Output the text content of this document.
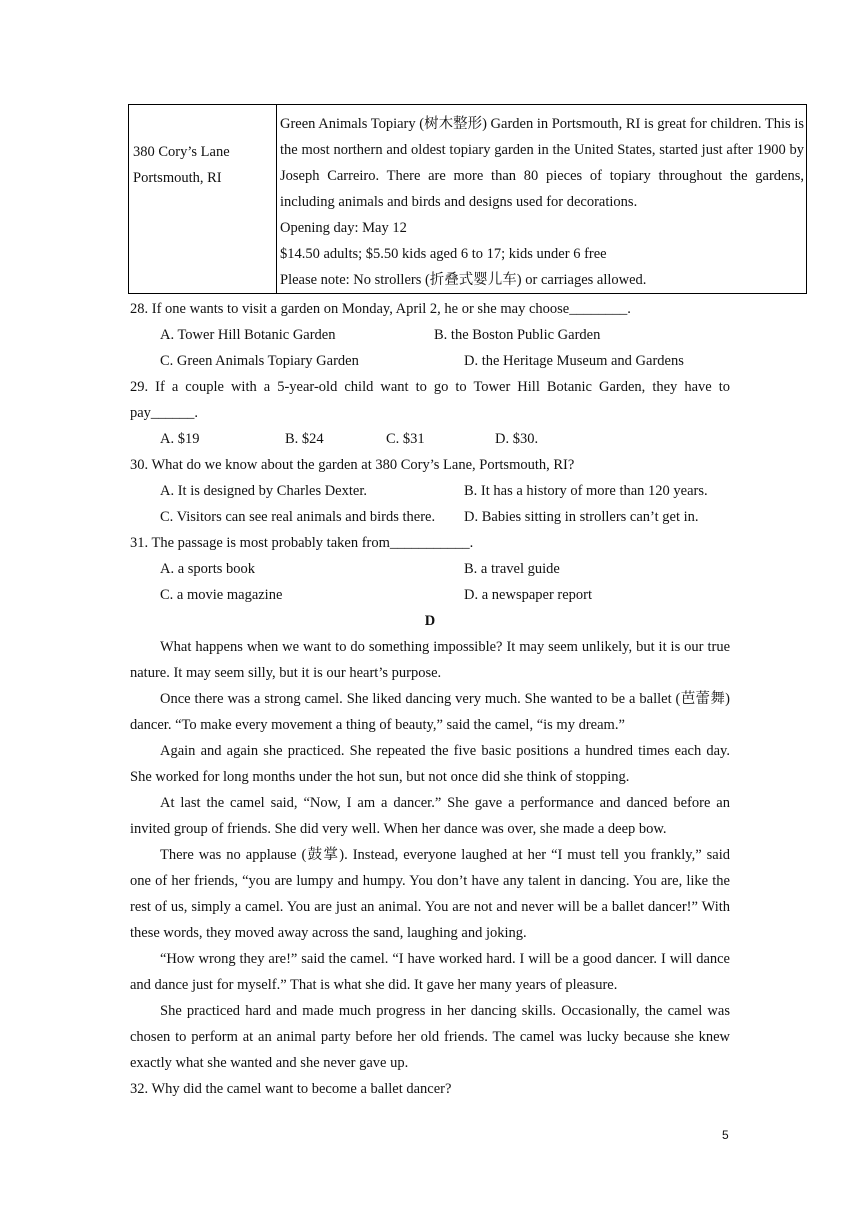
380 Cory’s Lane
Portsmouth, RI

Green Animals Topiary (树木整形) Garden in Portsmouth, RI is great for children. This is the most northern and oldest topiary garden in the United States, started just after 1900 by Joseph Carreiro. There are more than 80 pieces of topiary throughout the gardens, including animals and birds and designs used for decorations.
Opening day: May 12
$14.50 adults; $5.50 kids aged 6 to 17; kids under 6 free
Please note: No strollers (折叠式婴儿车) or carriages allowed.
28. If one wants to visit a garden on Monday, April 2, he or she may choose________.
A. Tower Hill Botanic Garden	B. the Boston Public Garden
C. Green Animals Topiary Garden	D. the Heritage Museum and Gardens
29. If a couple with a 5-year-old child want to go to Tower Hill Botanic Garden, they have to
pay______.
A. $19	B. $24	C. $31	D. $30.
30. What do we know about the garden at 380 Cory’s Lane, Portsmouth, RI?
A. It is designed by Charles Dexter.	B. It has a history of more than 120 years.
C. Visitors can see real animals and birds there. D. Babies sitting in strollers can’t get in.
31. The passage is most probably taken from___________.
A. a sports book	B. a travel guide
C. a movie magazine	D. a newspaper report
D
What happens when we want to do something impossible? It may seem unlikely, but it is our true nature. It may seem silly, but it is our heart’s purpose.
Once there was a strong camel. She liked dancing very much. She wanted to be a ballet (芭蕾舞) dancer. “To make every movement a thing of beauty,” said the camel, “is my dream.”
Again and again she practiced. She repeated the five basic positions a hundred times each day. She worked for long months under the hot sun, but not once did she think of stopping.
At last the camel said, “Now, I am a dancer.” She gave a performance and danced before an invited group of friends. She did very well. When her dance was over, she made a deep bow.
There was no applause (鼓掌). Instead, everyone laughed at her “I must tell you frankly,” said one of her friends, “you are lumpy and humpy. You don’t have any talent in dancing. You are, like the rest of us, simply a camel. You are just an animal. You are not and never will be a ballet dancer!” With these words, they moved away across the sand, laughing and joking.
“How wrong they are!” said the camel. “I have worked hard. I will be a good dancer. I will dance and dance just for myself.” That is what she did. It gave her many years of pleasure.
She practiced hard and made much progress in her dancing skills. Occasionally, the camel was chosen to perform at an animal party before her old friends. The camel was lucky because she knew exactly what she wanted and she never gave up.
32. Why did the camel want to become a ballet dancer?
5
